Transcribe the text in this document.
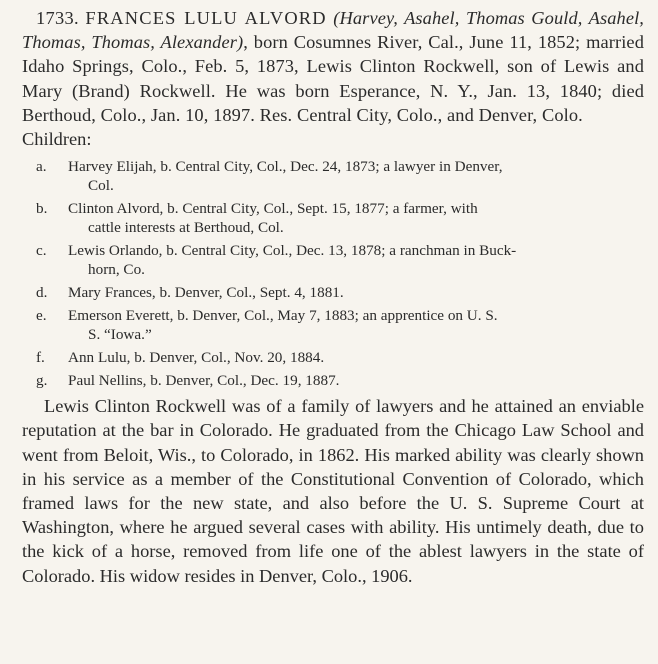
1733. FRANCES LULU ALVORD (Harvey, Asahel, Thomas Gould, Asahel, Thomas, Thomas, Alexander), born Cosumnes River, Cal., June 11, 1852; married Idaho Springs, Colo., Feb. 5, 1873, Lewis Clinton Rockwell, son of Lewis and Mary (Brand) Rockwell. He was born Esperance, N. Y., Jan. 13, 1840; died Berthoud, Colo., Jan. 10, 1897. Res. Central City, Colo., and Denver, Colo.

Children:

a. Harvey Elijah, b. Central City, Col., Dec. 24, 1873; a lawyer in Denver,
Col.
b. Clinton Alvord, b. Central City, Col., Sept. 15, 1877; a farmer, with
cattle interests at Berthoud, Col.
c. Lewis Orlando, b. Central City, Col., Dec. 13, 1878; a ranchman in Buck-
horn, Co.
d. Mary Frances, b. Denver, Col., Sept. 4, 1881.
e. Emerson Everett, b. Denver, Col., May 7, 1883; an apprentice on U. S.
S. “Iowa.”
f. Ann Lulu, b. Denver, Col., Nov. 20, 1884.
g. Paul Nellins, b. Denver, Col., Dec. 19, 1887.

Lewis Clinton Rockwell was of a family of lawyers and he attained an enviable reputation at the bar in Colorado. He graduated from the Chicago Law School and went from Beloit, Wis., to Colorado, in 1862. His marked ability was clearly shown in his service as a member of the Constitutional Convention of Colorado, which framed laws for the new state, and also before the U. S. Supreme Court at Washington, where he argued several cases with ability. His untimely death, due to the kick of a horse, removed from life one of the ablest lawyers in the state of Colorado. His widow resides in Denver, Colo., 1906.
